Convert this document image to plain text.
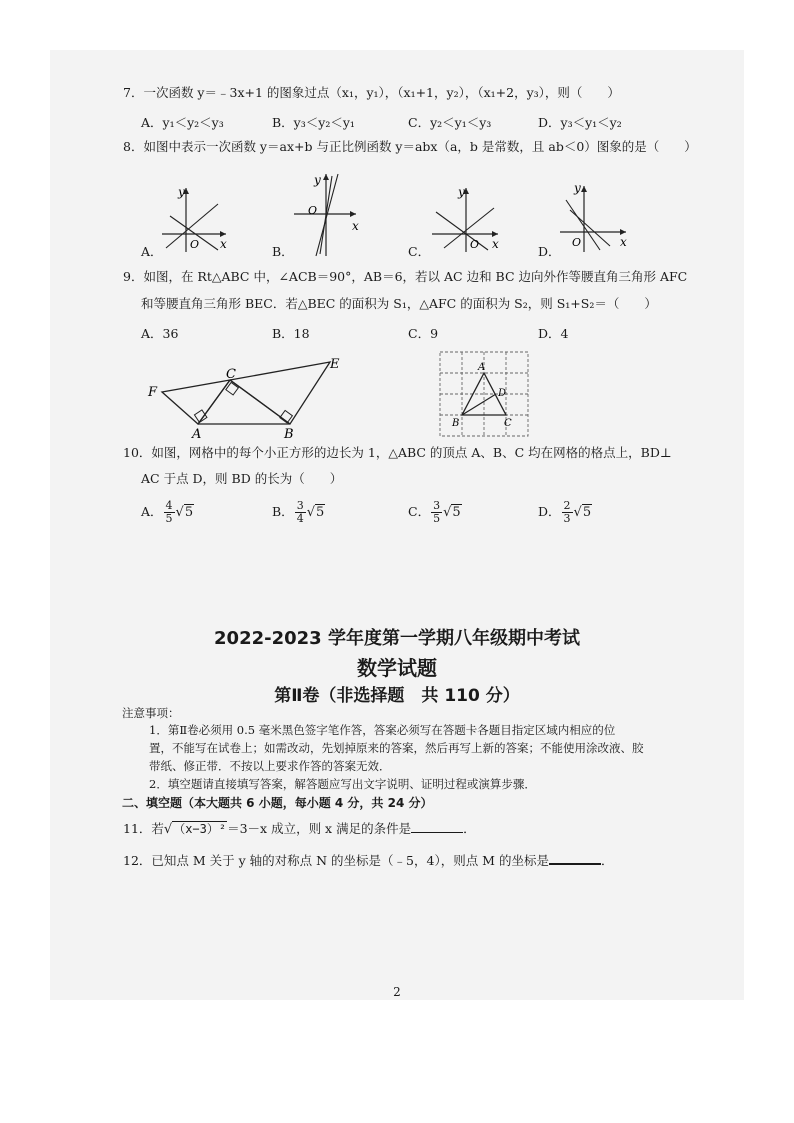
7．一次函数 y＝﹣3x+1 的图象过点（x₁，y₁），（x₁+1，y₂），（x₁+2，y₃），则（　　）
A．y₁＜y₂＜y₃	B．y₃＜y₂＜y₁	C．y₂＜y₁＜y₃	D．y₃＜y₁＜y₂
8．如图中表示一次函数 y＝ax+b 与正比例函数 y＝abx（a，b 是常数，且 ab＜0）图象的是（　　）
A．
y
x
O	B．
y
x
O
C．
y
x
O	D．
y
x
O
9．如图，在 Rt△ABC 中，∠ACB＝90°，AB＝6，若以 AC 边和 BC 边向外作等腰直角三角形 AFC
和等腰直角三角形 BEC．若△BEC 的面积为 S₁，△AFC 的面积为 S₂，则 S₁+S₂＝（　　）
A．36	B．18	C．9	D．4
F
C
E
A	B
A
B	C
D
10．如图，网格中的每个小正方形的边长为 1，△ABC 的顶点 A、B、C 均在网格的格点上，BD⊥
AC 于点 D，则 BD 的长为（　　）
A． $\frac{4}{5} √5$	B． $\frac{3}{4} √5$	C． $\frac{3}{5} √5$	D． $\frac{2}{3} √5$
2022-2023 学年度第一学期八年级期中考试
数学试题
第Ⅱ卷（非选择题　共 110 分）
注意事项：
1．第Ⅱ卷必须用 0.5 毫米黑色签字笔作答，答案必须写在答题卡各题目指定区域内相应的位
置，不能写在试卷上；如需改动，先划掉原来的答案，然后再写上新的答案；不能使用涂改液、胶
带纸、修正带．不按以上要求作答的答案无效．
2．填空题请直接填写答案，解答题应写出文字说明、证明过程或演算步骤．
二、填空题（本大题共 6 小题，每小题 4 分，共 24 分）
11．若√（x−3）²＝3－x 成立，则 x 满足的条件是	．
12．已知点 M 关于 y 轴的对称点 N 的坐标是（﹣5，4），则点 M 的坐标是	．
2
